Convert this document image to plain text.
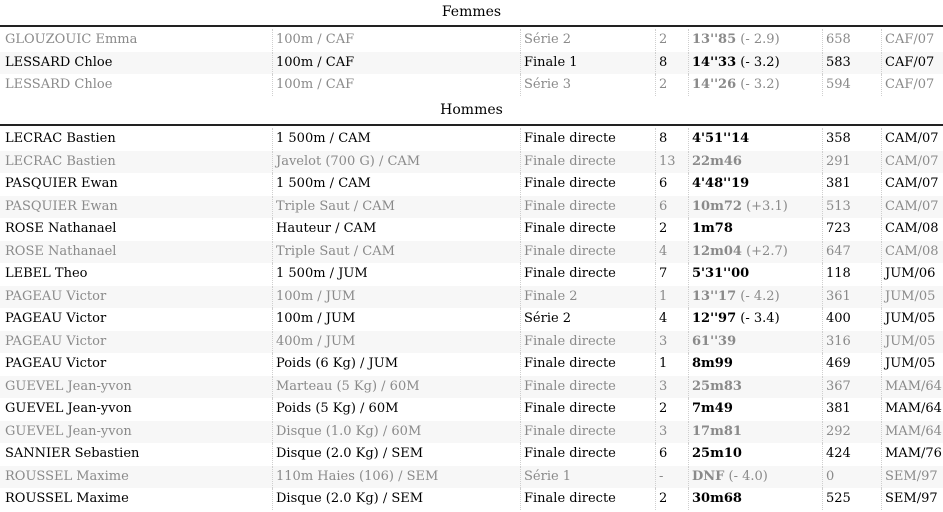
Femmes
GLOUZOUIC Emma	100m / CAF	Série 2	2	13''85 (- 2.9)	658	CAF/07
LESSARD Chloe	100m / CAF	Finale 1	8	14''33 (- 3.2)	583	CAF/07
LESSARD Chloe	100m / CAF	Série 3	2	14''26 (- 3.2)	594	CAF/07
Hommes
LECRAC Bastien	1 500m / CAM	Finale directe	8	4'51''14	358	CAM/07
LECRAC Bastien	Javelot (700 G) / CAM	Finale directe	13	22m46	291	CAM/07
PASQUIER Ewan	1 500m / CAM	Finale directe	6	4'48''19	381	CAM/07
PASQUIER Ewan	Triple Saut / CAM	Finale directe	6	10m72 (+3.1)	513	CAM/07
ROSE Nathanael	Hauteur / CAM	Finale directe	2	1m78	723	CAM/08
ROSE Nathanael	Triple Saut / CAM	Finale directe	4	12m04 (+2.7)	647	CAM/08
LEBEL Theo	1 500m / JUM	Finale directe	7	5'31''00	118	JUM/06
PAGEAU Victor	100m / JUM	Finale 2	1	13''17 (- 4.2)	361	JUM/05
PAGEAU Victor	100m / JUM	Série 2	4	12''97 (- 3.4)	400	JUM/05
PAGEAU Victor	400m / JUM	Finale directe	3	61''39	316	JUM/05
PAGEAU Victor	Poids (6 Kg) / JUM	Finale directe	1	8m99	469	JUM/05
GUEVEL Jean-yvon	Marteau (5 Kg) / 60M	Finale directe	3	25m83	367	MAM/64
GUEVEL Jean-yvon	Poids (5 Kg) / 60M	Finale directe	2	7m49	381	MAM/64
GUEVEL Jean-yvon	Disque (1.0 Kg) / 60M	Finale directe	3	17m81	292	MAM/64
SANNIER Sebastien	Disque (2.0 Kg) / SEM	Finale directe	6	25m10	424	MAM/76
ROUSSEL Maxime	110m Haies (106) / SEM	Série 1	-	DNF (- 4.0)	0	SEM/97
ROUSSEL Maxime	Disque (2.0 Kg) / SEM	Finale directe	2	30m68	525	SEM/97
